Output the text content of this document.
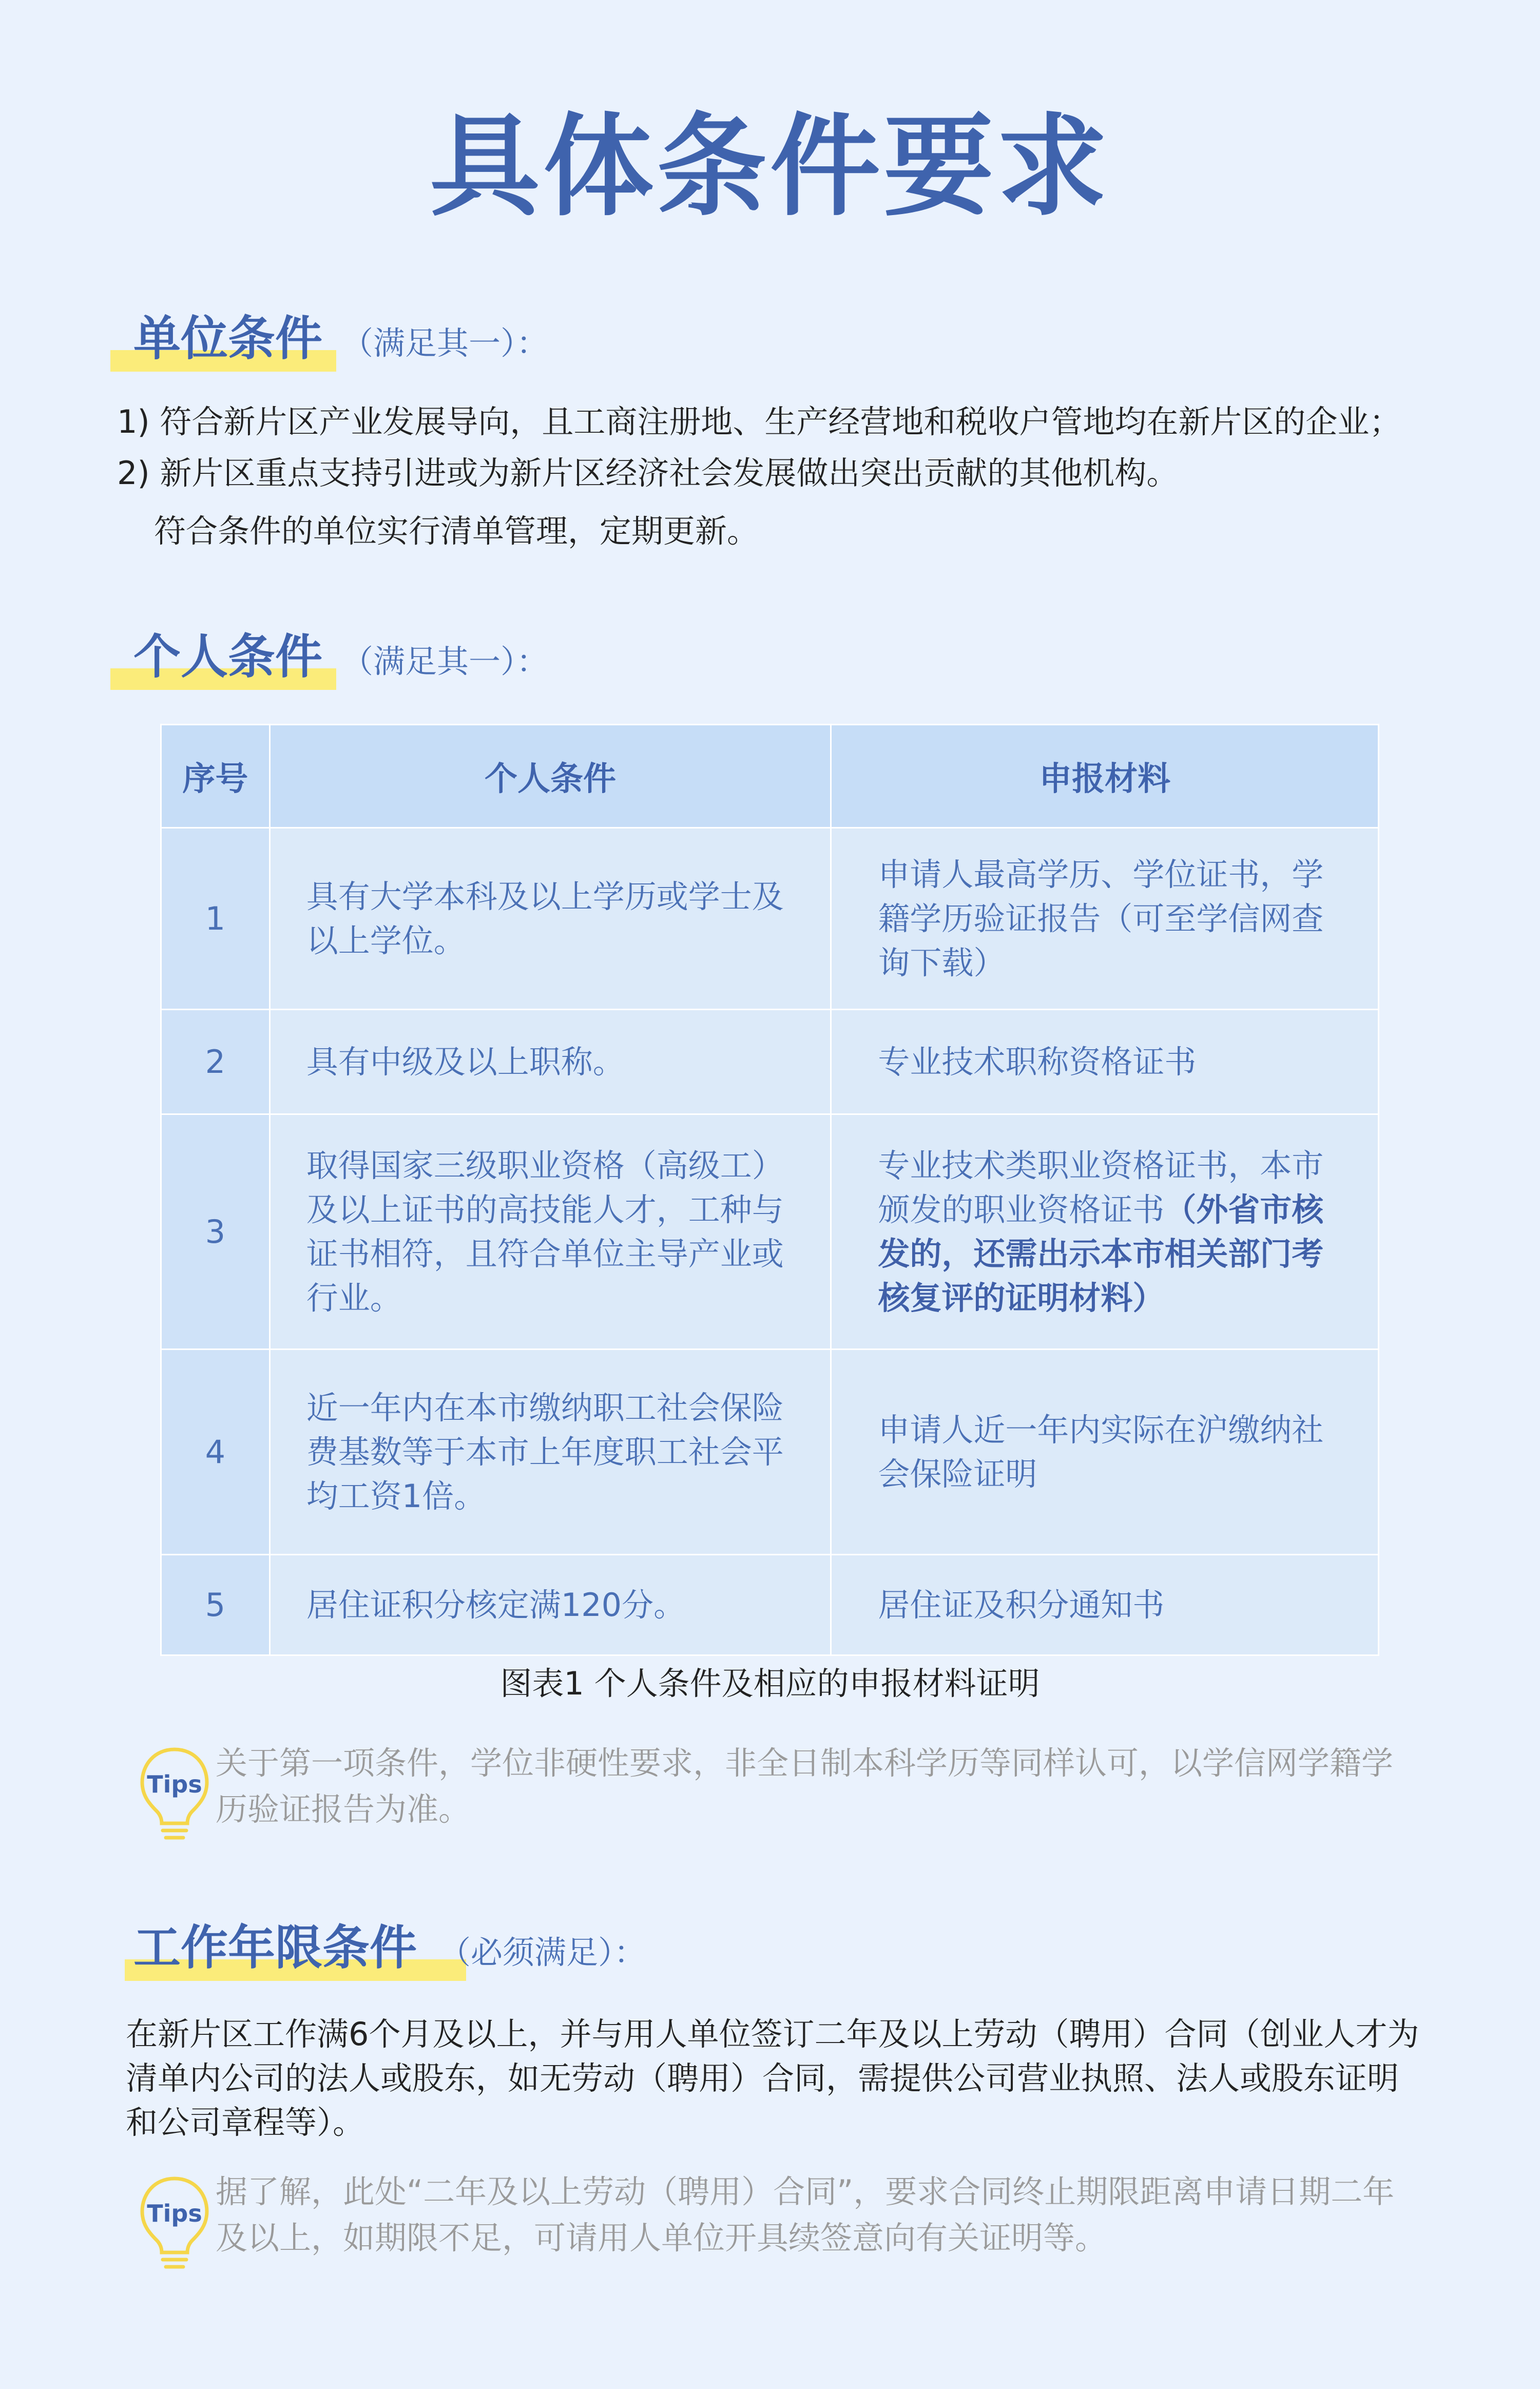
具体条件要求
单位条件 （满足其一）：
1) 符合新片区产业发展导向，且工商注册地、生产经营地和税收户管地均在新片区的企业；
2) 新片区重点支持引进或为新片区经济社会发展做出突出贡献的其他机构。
符合条件的单位实行清单管理，定期更新。
个人条件 （满足其一）：
序号	个人条件	申报材料
1	具有大学本科及以上学历或学士及以上学位。	申请人最高学历、学位证书，学籍学历验证报告（可至学信网查询下载）
2	具有中级及以上职称。	专业技术职称资格证书
3	取得国家三级职业资格（高级工）及以上证书的高技能人才，工种与证书相符，且符合单位主导产业或行业。	专业技术类职业资格证书，本市颁发的职业资格证书（外省市核发的，还需出示本市相关部门考核复评的证明材料）
4	近一年内在本市缴纳职工社会保险费基数等于本市上年度职工社会平均工资1倍。	申请人近一年内实际在沪缴纳社会保险证明
5	居住证积分核定满120分。	居住证及积分通知书
图表1 个人条件及相应的申报材料证明
Tips
关于第一项条件，学位非硬性要求，非全日制本科学历等同样认可，以学信网学籍学历验证报告为准。
工作年限条件 （必须满足）：
在新片区工作满6个月及以上，并与用人单位签订二年及以上劳动（聘用）合同（创业人才为清单内公司的法人或股东，如无劳动（聘用）合同，需提供公司营业执照、法人或股东证明和公司章程等）。
Tips
据了解，此处“二年及以上劳动（聘用）合同”，要求合同终止期限距离申请日期二年及以上，如期限不足，可请用人单位开具续签意向有关证明等。
